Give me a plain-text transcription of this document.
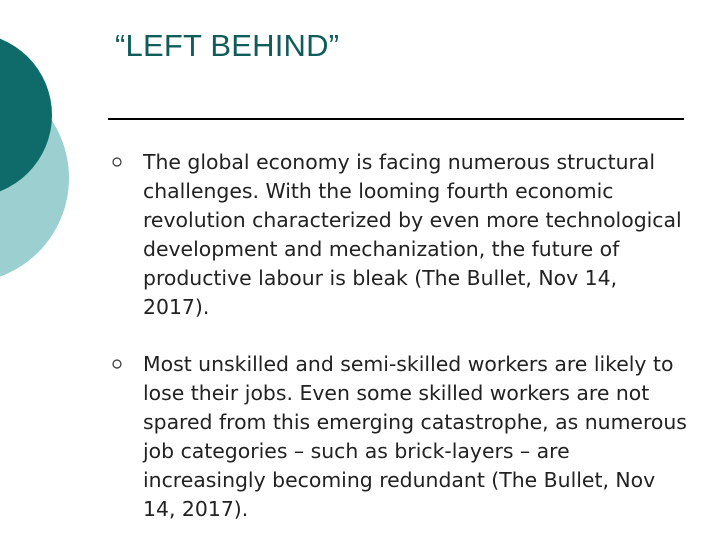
“LEFT BEHIND”
The global economy is facing numerous structural challenges. With the looming fourth economic revolution characterized by even more technological development and mechanization, the future of productive labour is bleak (The Bullet, Nov 14, 2017).
Most unskilled and semi-skilled workers are likely to lose their jobs. Even some skilled workers are not spared from this emerging catastrophe, as numerous job categories – such as brick-layers – are increasingly becoming redundant (The Bullet, Nov 14, 2017).
